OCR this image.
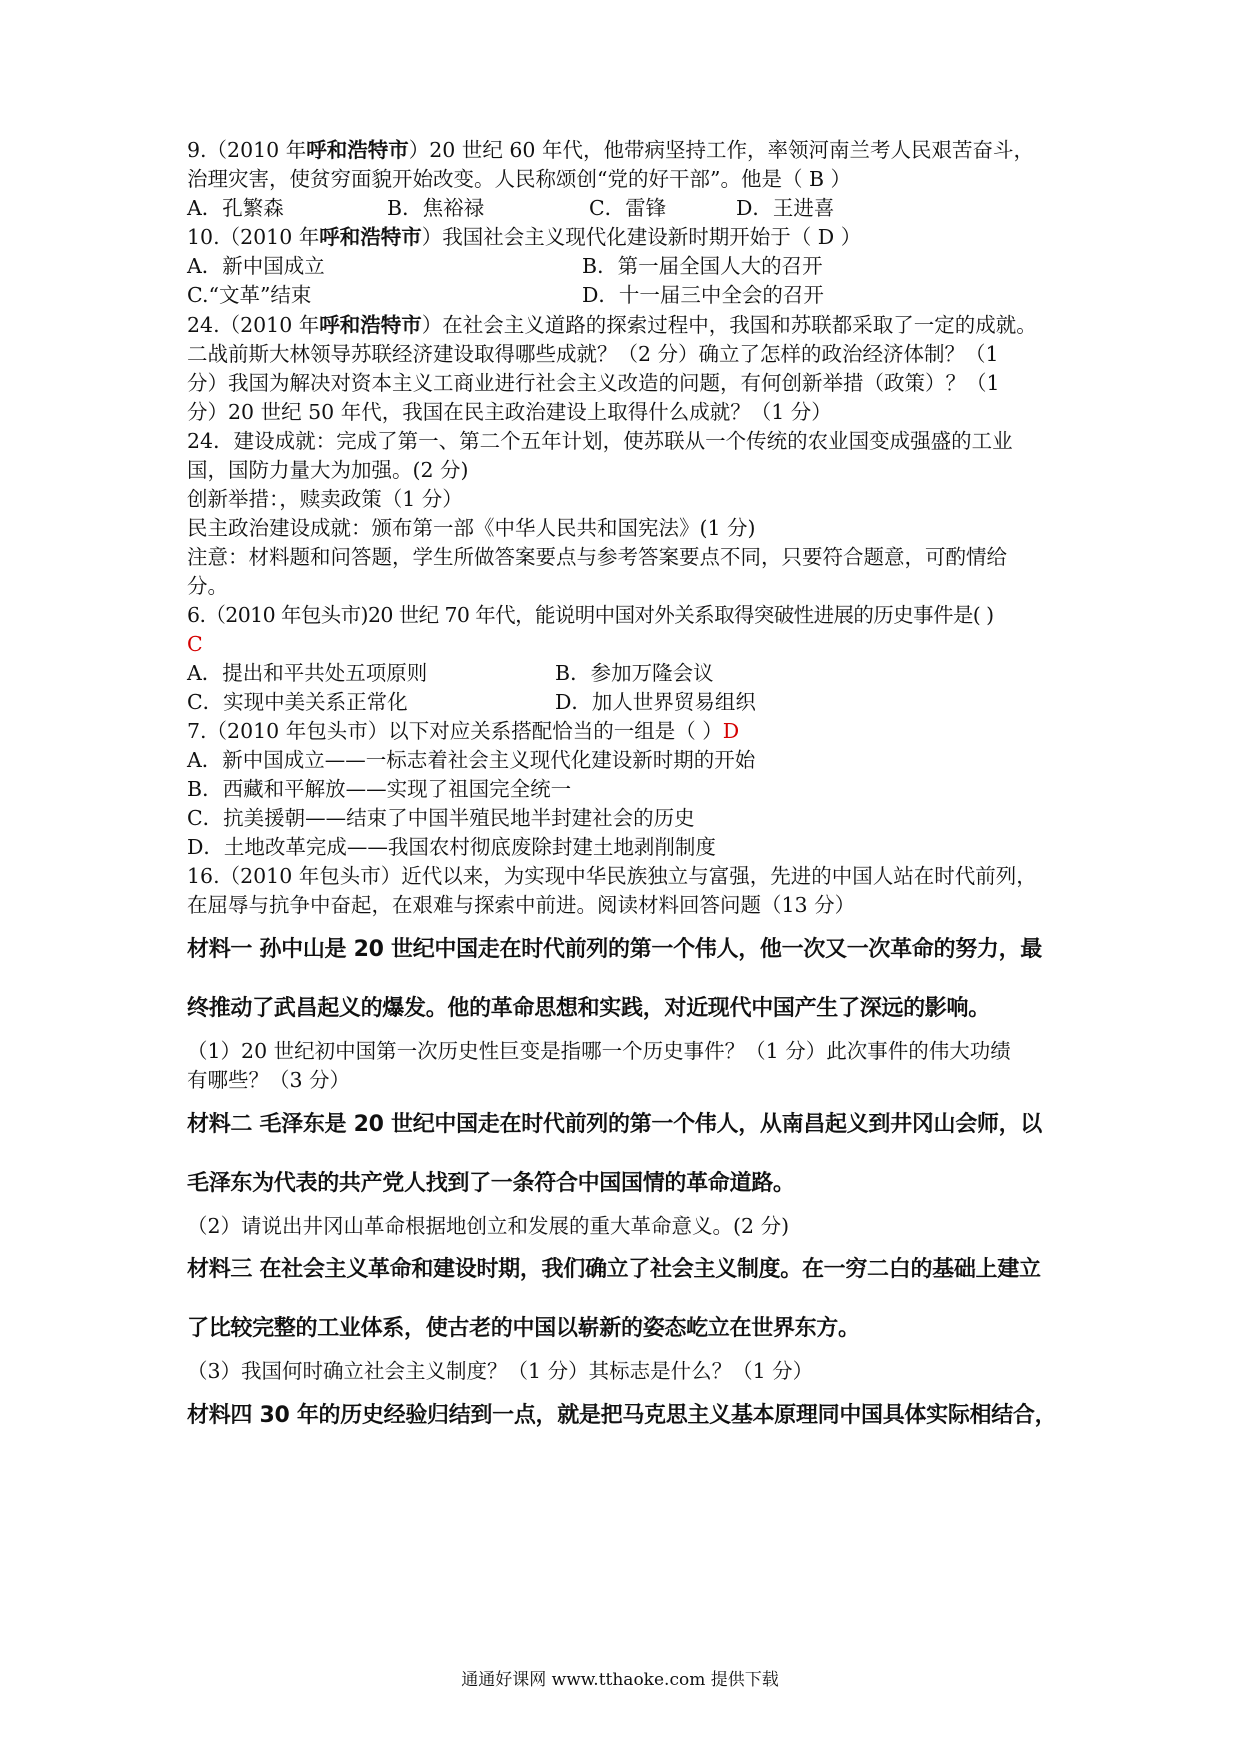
9.（2010 年呼和浩特市）20 世纪 60 年代，他带病坚持工作，率领河南兰考人民艰苦奋斗，
治理灾害，使贫穷面貌开始改变。人民称颂创“党的好干部”。他是（ B ）
A．孔繁森	B．焦裕禄	C．雷锋	D．王进喜
10.（2010 年呼和浩特市）我国社会主义现代化建设新时期开始于（ D ）
A．新中国成立	B．第一届全国人大的召开
C.“文革”结束	D．十一届三中全会的召开
24.（2010 年呼和浩特市）在社会主义道路的探索过程中，我国和苏联都采取了一定的成就。
二战前斯大林领导苏联经济建设取得哪些成就？（2 分）确立了怎样的政治经济体制？（1
分）我国为解决对资本主义工商业进行社会主义改造的问题，有何创新举措（政策）？（1
分）20 世纪 50 年代，我国在民主政治建设上取得什么成就？（1 分）
24．建设成就：完成了第一、第二个五年计划，使苏联从一个传统的农业国变成强盛的工业
国，国防力量大为加强。(2 分)
创新举措：，赎卖政策（1 分）
民主政治建设成就：颁布第一部《中华人民共和国宪法》(1 分)
注意：材料题和问答题，学生所做答案要点与参考答案要点不同，只要符合题意，可酌情给
分。
6.（2010 年包头市)20 世纪 70 年代，能说明中国对外关系取得突破性进展的历史事件是( )
C
A．提出和平共处五项原则	B．参加万隆会议
C．实现中美关系正常化	D．加人世界贸易组织
7.（2010 年包头市）以下对应关系搭配恰当的一组是（ ）D
A．新中国成立——一标志着社会主义现代化建设新时期的开始
B．西藏和平解放——实现了祖国完全统一
C．抗美援朝——结束了中国半殖民地半封建社会的历史
D．土地改革完成——我国农村彻底废除封建土地剥削制度
16.（2010 年包头市）近代以来，为实现中华民族独立与富强，先进的中国人站在时代前列，
在屈辱与抗争中奋起，在艰难与探索中前进。阅读材料回答问题（13 分）
材料一 孙中山是 20 世纪中国走在时代前列的第一个伟人，他一次又一次革命的努力，最
终推动了武昌起义的爆发。他的革命思想和实践，对近现代中国产生了深远的影响。
（1）20 世纪初中国第一次历史性巨变是指哪一个历史事件？（1 分）此次事件的伟大功绩
有哪些？（3 分）
材料二 毛泽东是 20 世纪中国走在时代前列的第一个伟人，从南昌起义到井冈山会师，以
毛泽东为代表的共产党人找到了一条符合中国国情的革命道路。
（2）请说出井冈山革命根据地创立和发展的重大革命意义。(2 分)
材料三 在社会主义革命和建设时期，我们确立了社会主义制度。在一穷二白的基础上建立
了比较完整的工业体系，使古老的中国以崭新的姿态屹立在世界东方。
（3）我国何时确立社会主义制度？（1 分）其标志是什么？（1 分）
材料四 30 年的历史经验归结到一点，就是把马克思主义基本原理同中国具体实际相结合，
通通好课网 www.tthaoke.com 提供下载
